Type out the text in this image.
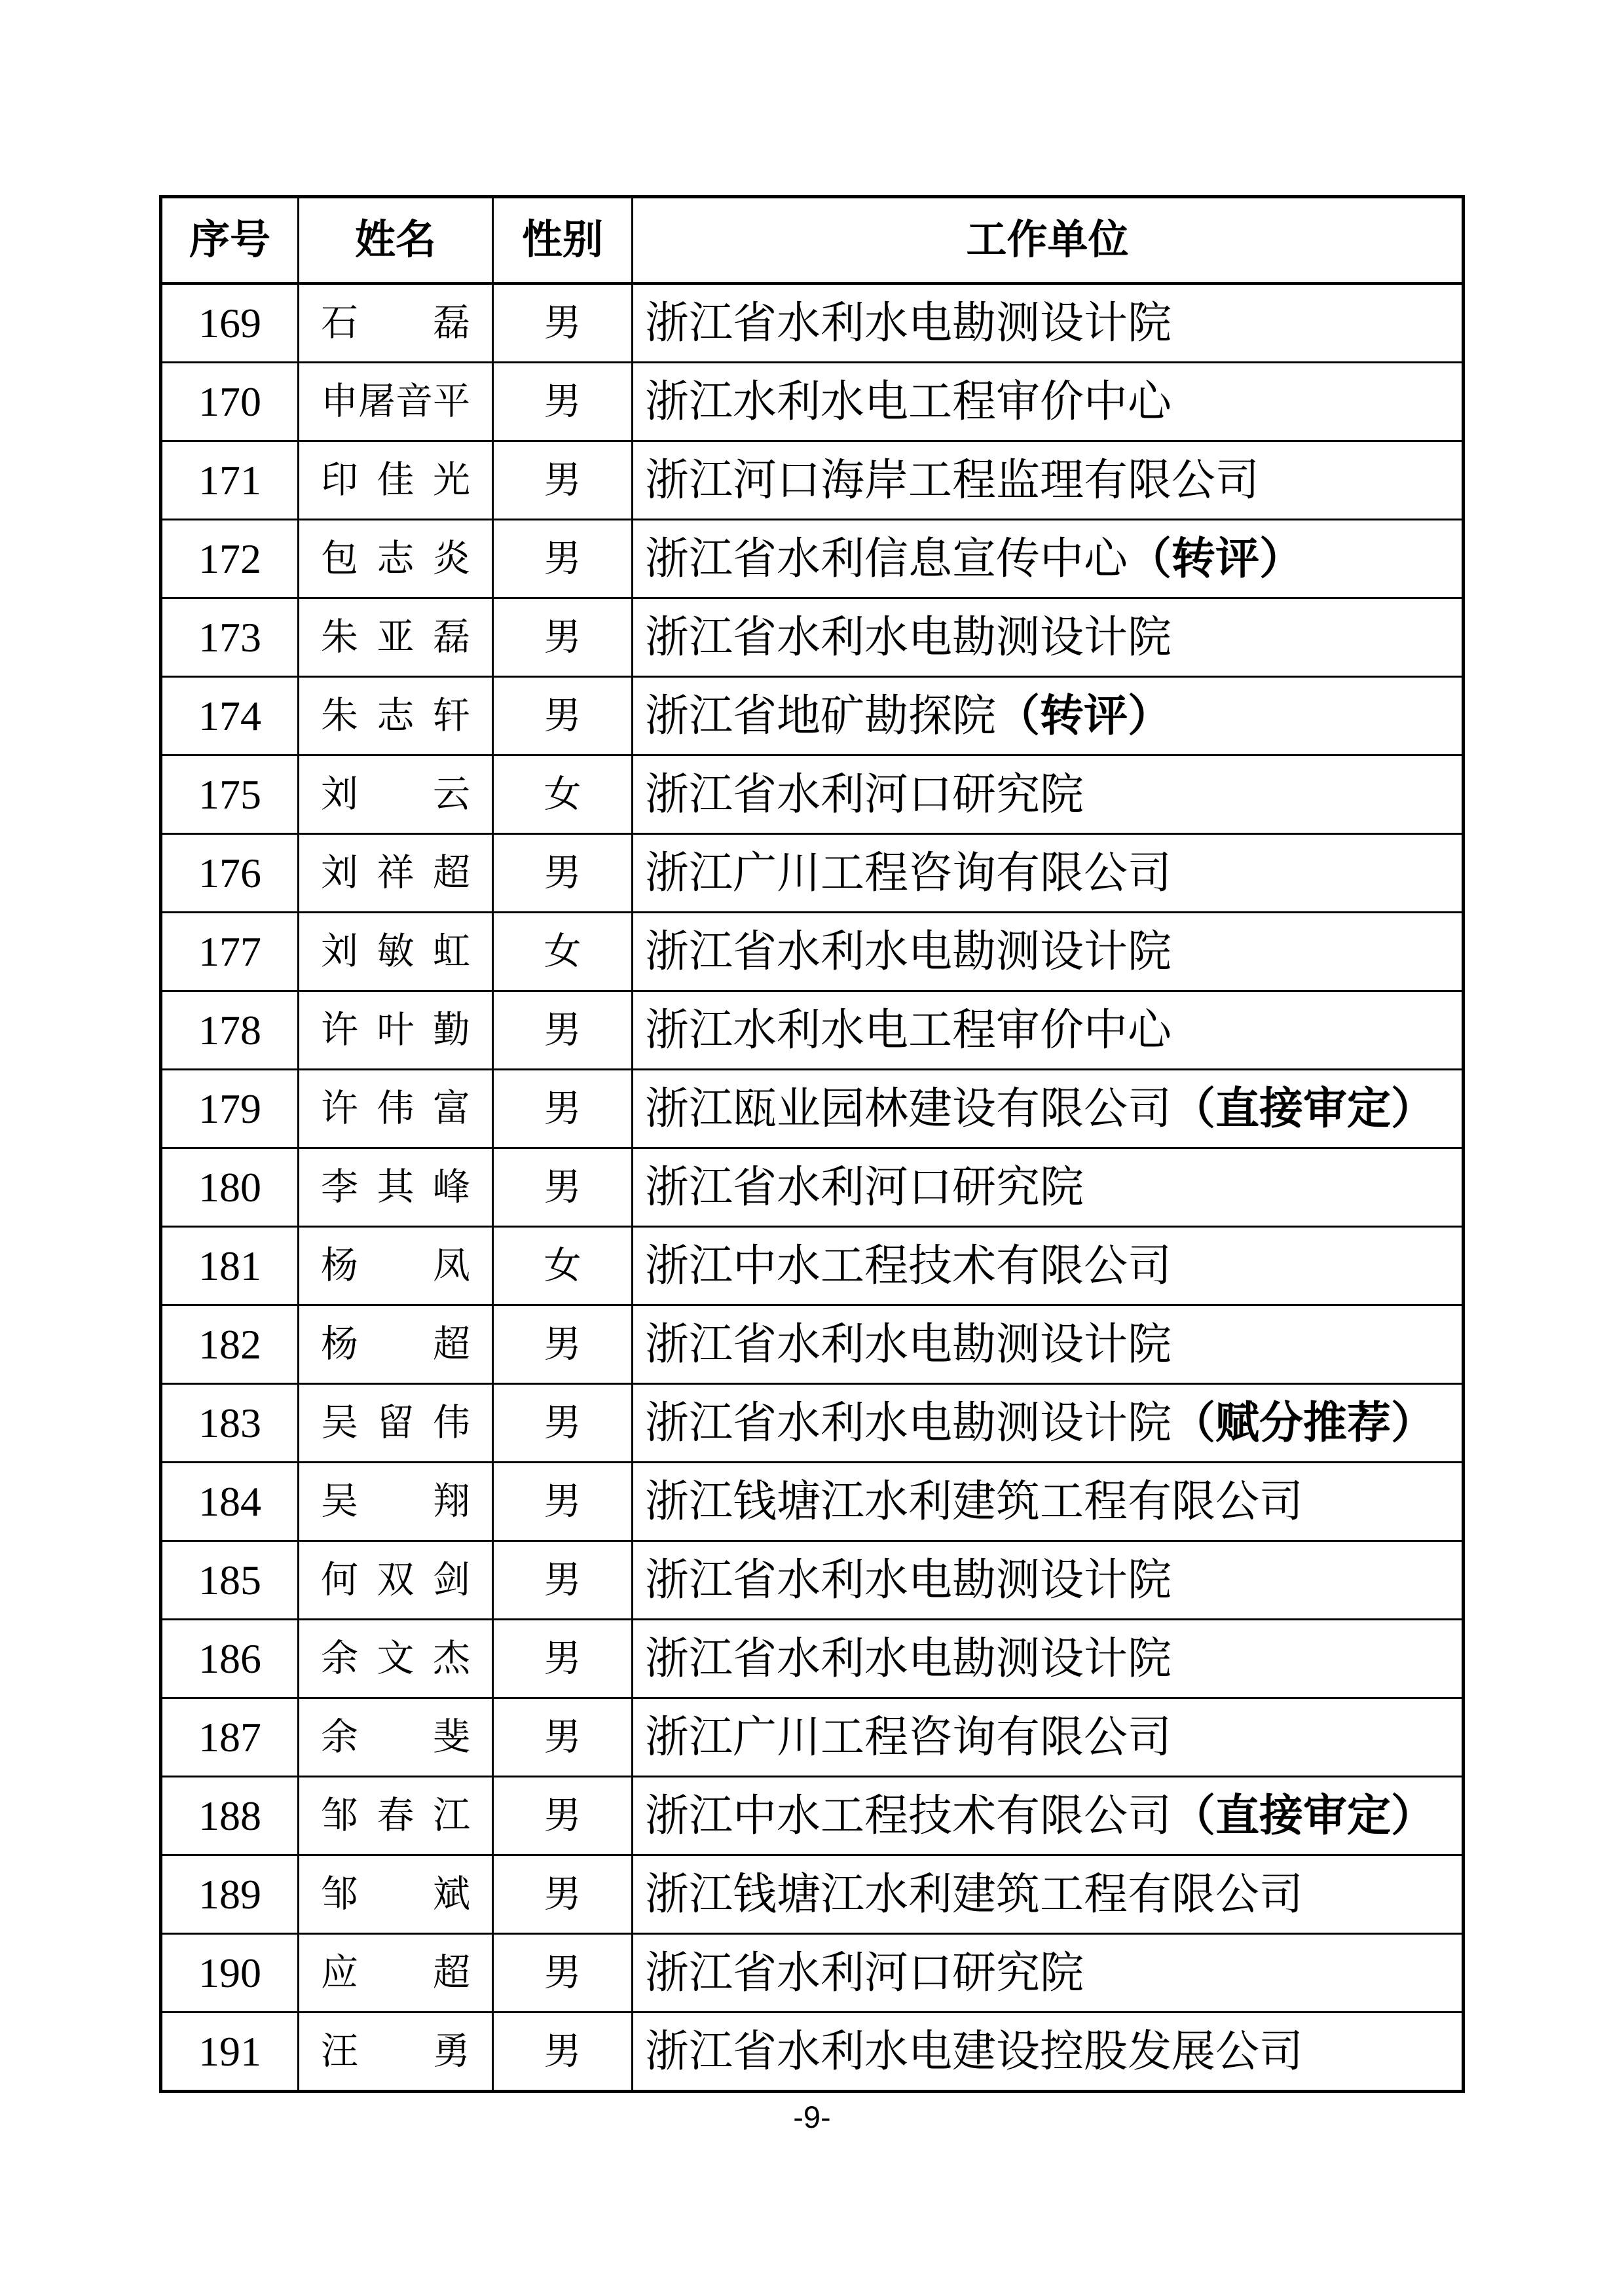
序号	姓名	性别	工作单位
169	石　磊	男	浙江省水利水电勘测设计院
170	申屠音平	男	浙江水利水电工程审价中心
171	印佳光	男	浙江河口海岸工程监理有限公司
172	包志炎	男	浙江省水利信息宣传中心（转评）
173	朱亚磊	男	浙江省水利水电勘测设计院
174	朱志轩	男	浙江省地矿勘探院（转评）
175	刘　云	女	浙江省水利河口研究院
176	刘祥超	男	浙江广川工程咨询有限公司
177	刘敏虹	女	浙江省水利水电勘测设计院
178	许叶勤	男	浙江水利水电工程审价中心
179	许伟富	男	浙江瓯业园林建设有限公司（直接审定）
180	李其峰	男	浙江省水利河口研究院
181	杨　凤	女	浙江中水工程技术有限公司
182	杨　超	男	浙江省水利水电勘测设计院
183	吴留伟	男	浙江省水利水电勘测设计院（赋分推荐）
184	吴　翔	男	浙江钱塘江水利建筑工程有限公司
185	何双剑	男	浙江省水利水电勘测设计院
186	余文杰	男	浙江省水利水电勘测设计院
187	余　斐	男	浙江广川工程咨询有限公司
188	邹春江	男	浙江中水工程技术有限公司（直接审定）
189	邹　斌	男	浙江钱塘江水利建筑工程有限公司
190	应　超	男	浙江省水利河口研究院
191	汪　勇	男	浙江省水利水电建设控股发展公司
-9-
